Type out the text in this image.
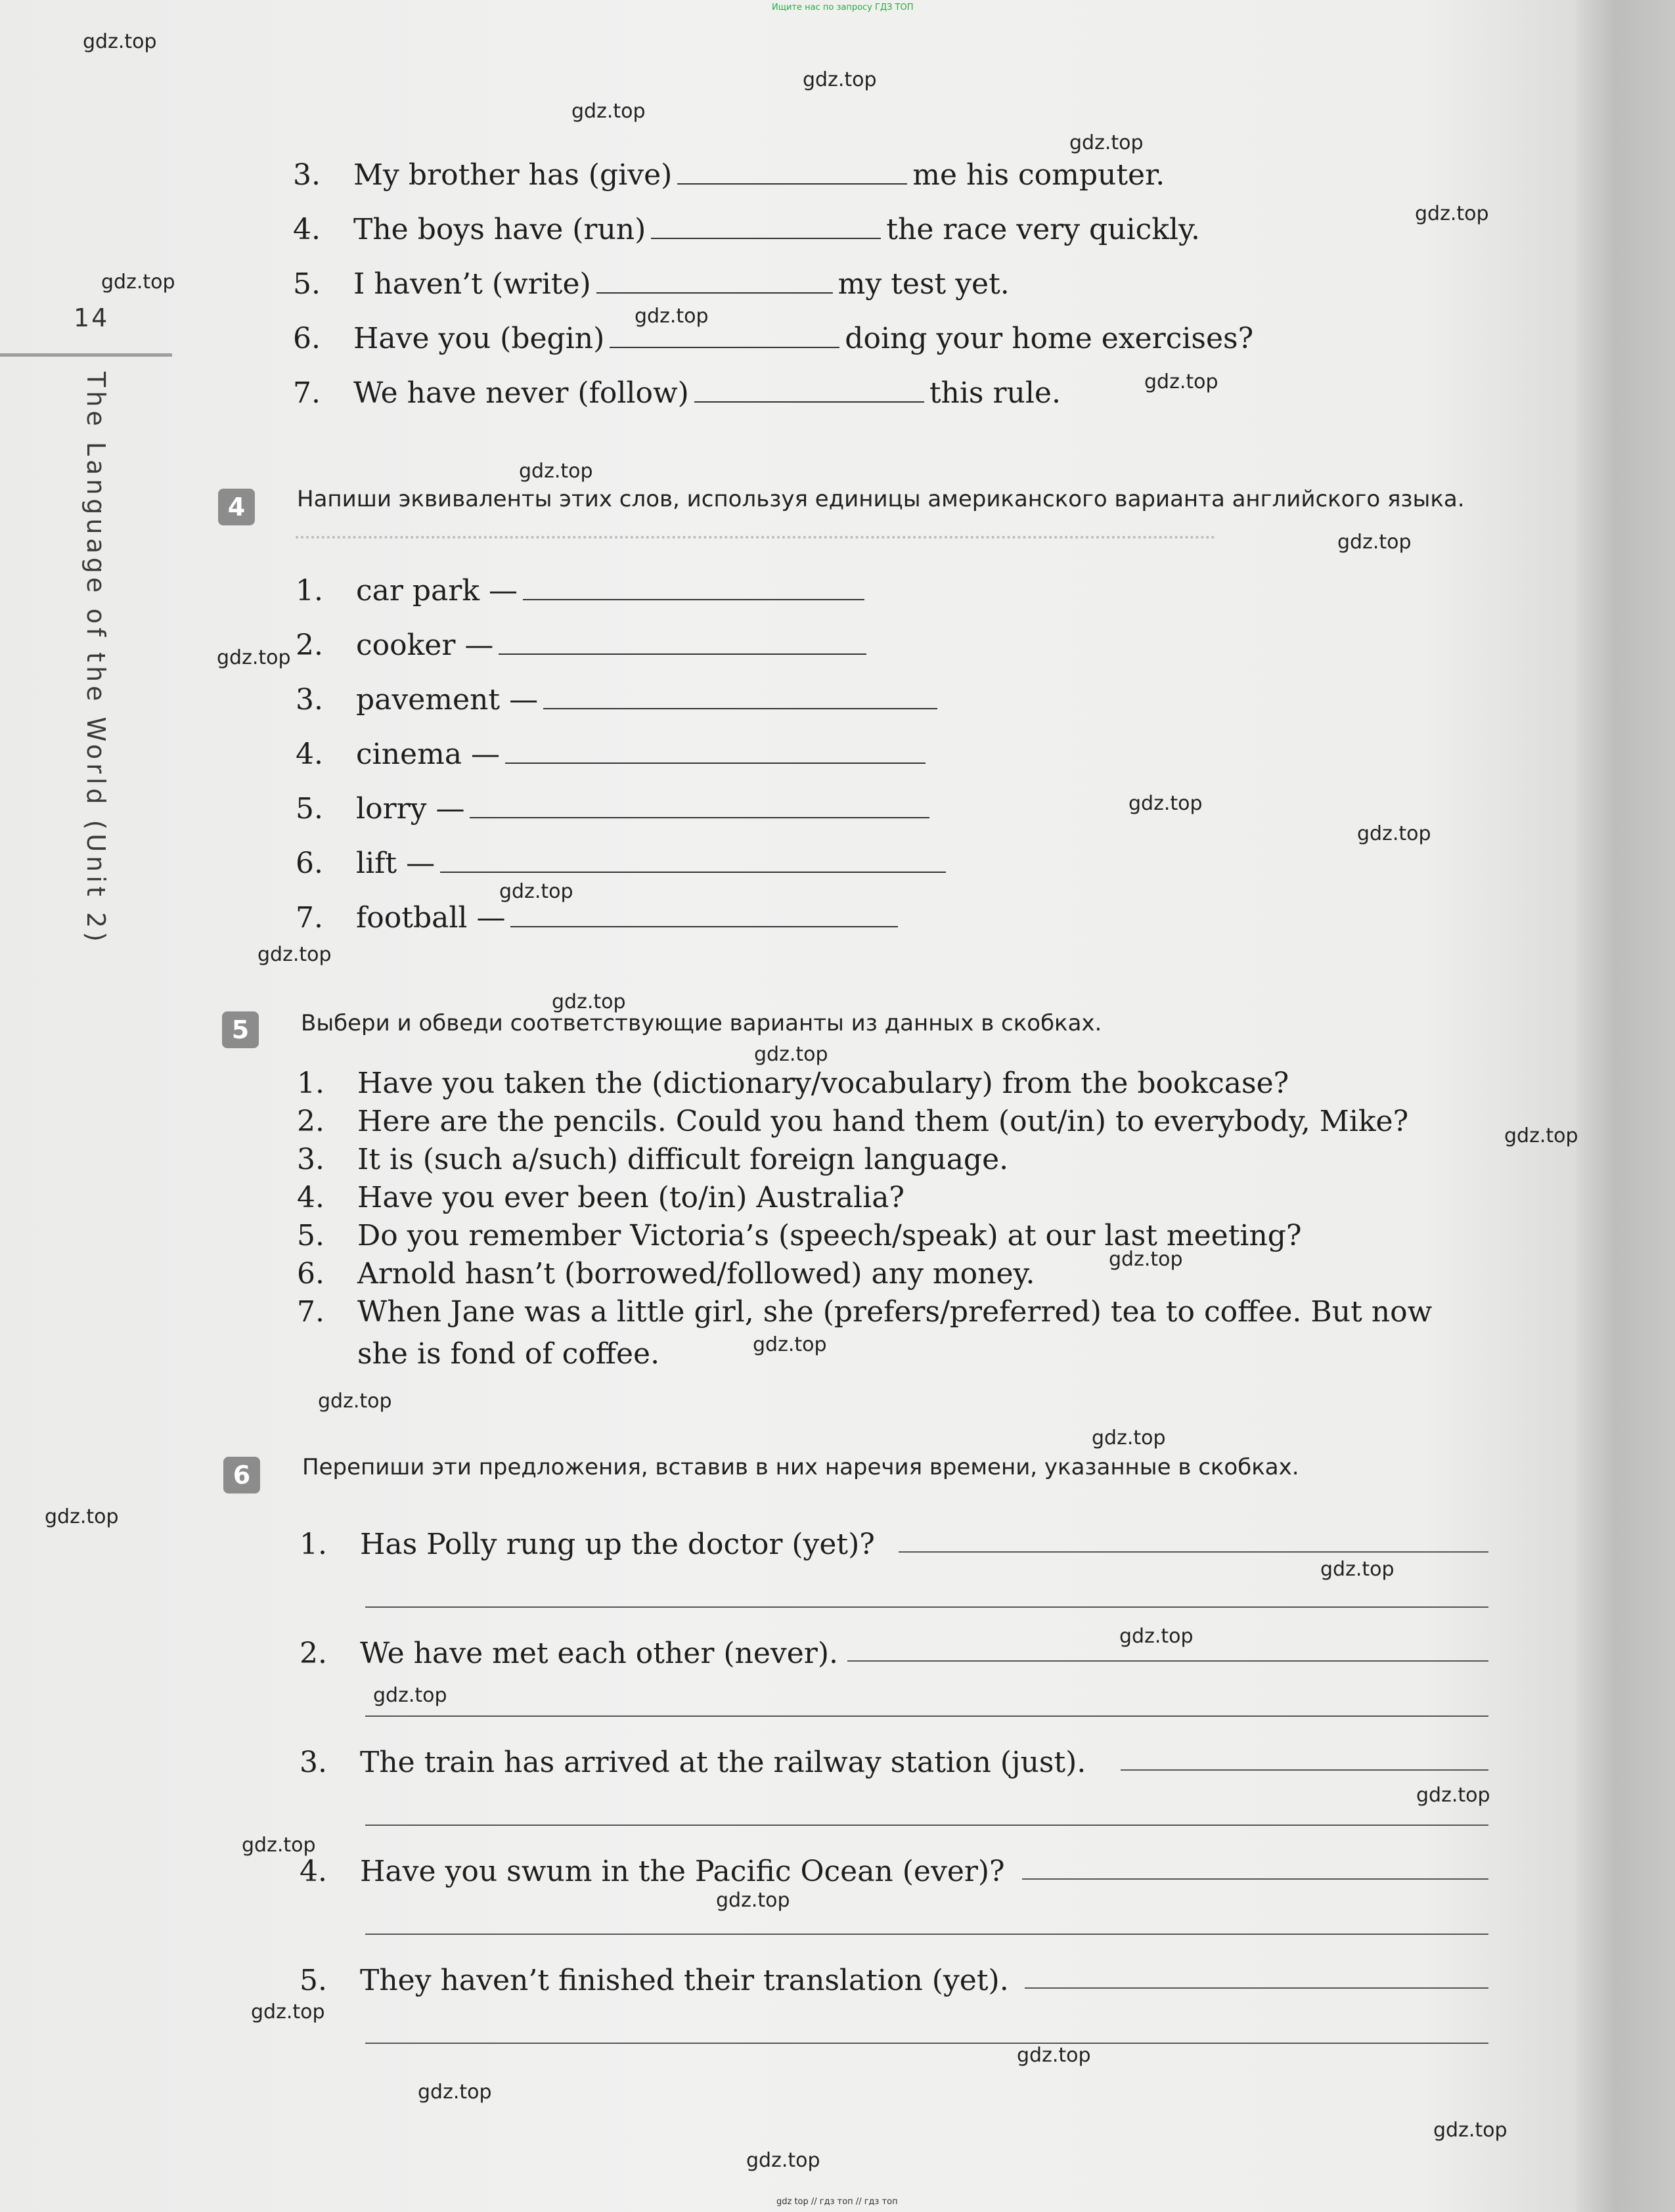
Ищите нас по запросу ГДЗ ТОП
14
The Language of the World (Unit 2)
3. My brother has (give)	me his computer.
4. The boys have (run)	the race very quickly.
5. I haven’t (write)	my test yet.
6. Have you (begin)	doing your home exercises?
7. We have never (follow)	this rule.
4	Напиши эквиваленты этих слов, используя единицы американского варианта английского языка.
1. car park —
2. cooker —
3. pavement —
4. cinema —
5. lorry —
6. lift —
7. football —
5	Выбери и обведи соответствующие варианты из данных в скобках.
1. Have you taken the (dictionary/vocabulary) from the bookcase?
2. Here are the pencils. Could you hand them (out/in) to everybody, Mike?
3. It is (such a/such) difficult foreign language.
4. Have you ever been (to/in) Australia?
5. Do you remember Victoria’s (speech/speak) at our last meeting?
6. Arnold hasn’t (borrowed/followed) any money.
7. When Jane was a little girl, she (prefers/preferred) tea to coffee. But now
she is fond of coffee.
6	Перепиши эти предложения, вставив в них наречия времени, указанные в скобках.
1. Has Polly rung up the doctor (yet)?
2. We have met each other (never).
3. The train has arrived at the railway station (just).
4. Have you swum in the Pacific Ocean (ever)?
5. They haven’t finished their translation (yet).
gdz.top
gdz.top
gdz.top
gdz.top
gdz.top
gdz.top
gdz.top
gdz.top
gdz.top
gdz.top
gdz.top
gdz.top
gdz.top
gdz.top
gdz.top
gdz.top
gdz.top
gdz.top
gdz.top
gdz.top
gdz.top
gdz.top
gdz.top
gdz.top
gdz.top
gdz.top
gdz.top
gdz.top
gdz.top
gdz.top
gdz.top
gdz.top
gdz.top
gdz.top
gdz top // гдз топ // гдз топ
